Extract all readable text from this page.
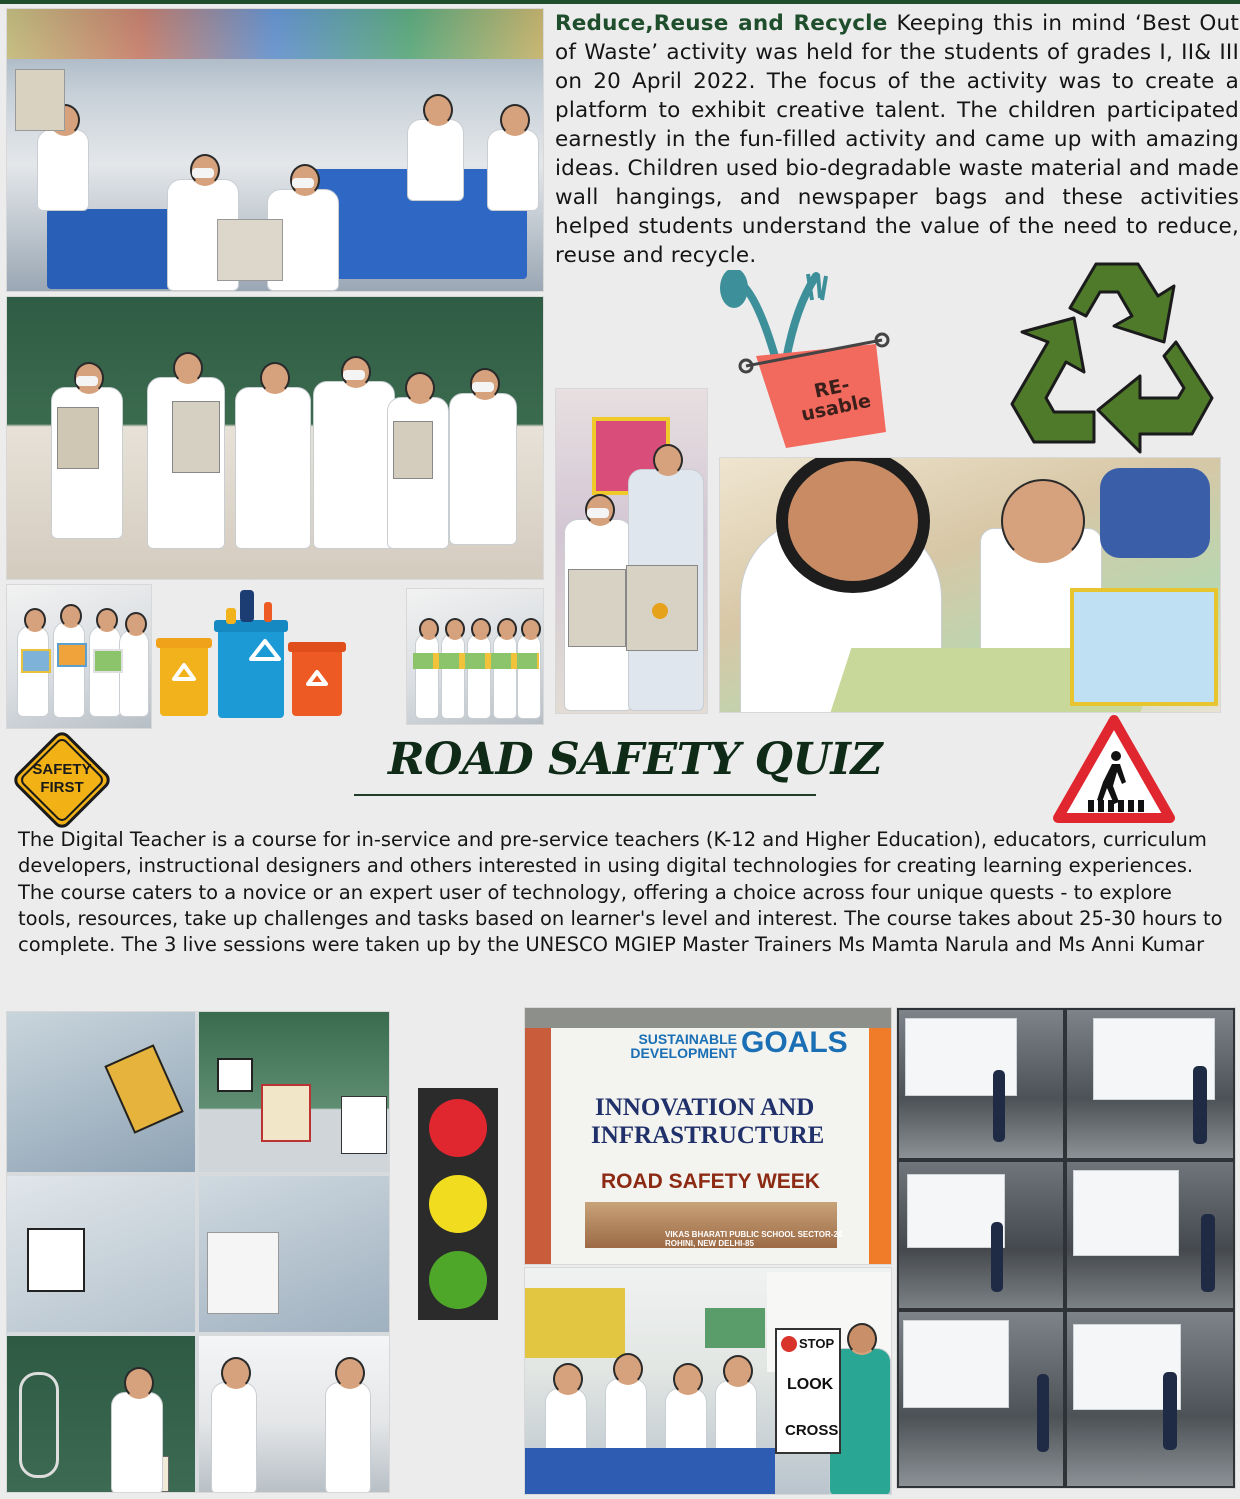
Reduce,Reuse and Recycle Keeping this in mind ‘Best Out of Waste’ activity was held for the students of grades I, II& III on 20 April 2022. The focus of the activity was to create a platform to exhibit creative talent. The children participated earnestly in the fun-filled activity and came up with amazing ideas. Children used bio-degradable waste material and made wall hangings, and newspaper bags and these activities helped students understand the value of the need to reduce, reuse and recycle.
RE-usable
SAFETY FIRST
ROAD SAFETY QUIZ
The Digital Teacher is a course for in-service and pre-service teachers (K-12 and Higher Education), educators, curriculum developers, instructional designers and others interested in using digital technologies for creating learning experiences. The course caters to a novice or an expert user of technology, offering a choice across four unique quests - to explore tools, resources, take up challenges and tasks based on learner's level and interest. The course takes about 25-30 hours to complete. The 3 live sessions were taken up by the UNESCO MGIEP Master Trainers Ms Mamta Narula and Ms Anni Kumar
SUSTAINABLE
DEVELOPMENT GOALS
INNOVATION AND
INFRASTRUCTURE
ROAD SAFETY WEEK
VIKAS BHARATI PUBLIC SCHOOL SECTOR-24 ROHINI, NEW DELHI-85
STOP
LOOK
CROSS
